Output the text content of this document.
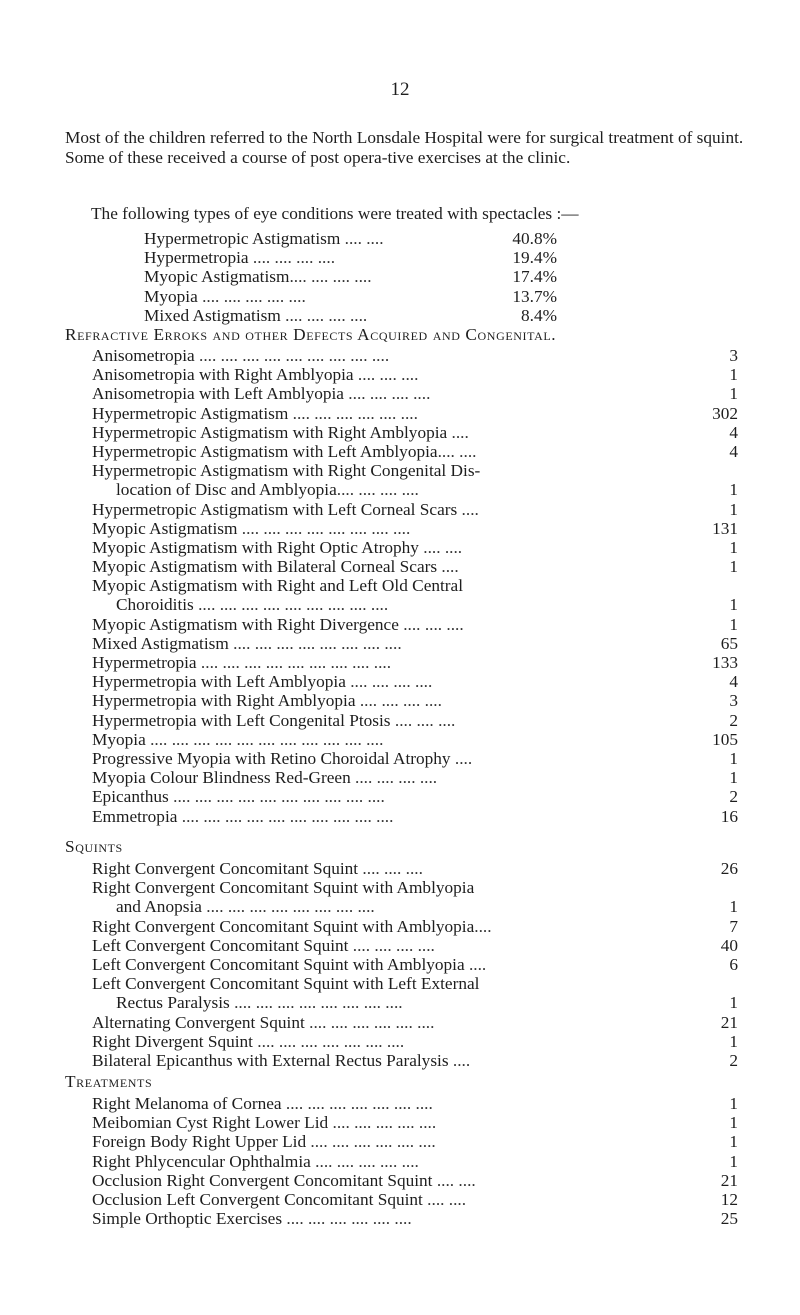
12
Most of the children referred to the North Lonsdale Hospital were for surgical treatment of squint. Some of these received a course of post opera-tive exercises at the clinic.
The following types of eye conditions were treated with spectacles :—
Hypermetropic Astigmatism .... ....	40.8%
Hypermetropia .... .... .... ....	19.4%
Myopic Astigmatism.... .... .... ....	17.4%
Myopia .... .... .... .... ....	13.7%
Mixed Astigmatism .... .... .... ....	8.4%
Refractive Erroks and other Defects Acquired and Congenital.
Anisometropia .... .... .... .... .... .... .... .... ....	3
Anisometropia with Right Amblyopia .... .... ....	1
Anisometropia with Left Amblyopia .... .... .... ....	1
Hypermetropic Astigmatism .... .... .... .... .... ....	302
Hypermetropic Astigmatism with Right Amblyopia ....	4
Hypermetropic Astigmatism with Left Amblyopia.... ....	4
Hypermetropic Astigmatism with Right Congenital Dis-
location of Disc and Amblyopia.... .... .... ....	1
Hypermetropic Astigmatism with Left Corneal Scars ....	1
Myopic Astigmatism .... .... .... .... .... .... .... ....	131
Myopic Astigmatism with Right Optic Atrophy .... ....	1
Myopic Astigmatism with Bilateral Corneal Scars ....	1
Myopic Astigmatism with Right and Left Old Central
Choroiditis .... .... .... .... .... .... .... .... ....	1
Myopic Astigmatism with Right Divergence .... .... ....	1
Mixed Astigmatism .... .... .... .... .... .... .... ....	65
Hypermetropia .... .... .... .... .... .... .... .... ....	133
Hypermetropia with Left Amblyopia .... .... .... ....	4
Hypermetropia with Right Amblyopia .... .... .... ....	3
Hypermetropia with Left Congenital Ptosis .... .... ....	2
Myopia .... .... .... .... .... .... .... .... .... .... ....	105
Progressive Myopia with Retino Choroidal Atrophy ....	1
Myopia Colour Blindness Red-Green .... .... .... ....	1
Epicanthus .... .... .... .... .... .... .... .... .... ....	2
Emmetropia .... .... .... .... .... .... .... .... .... ....	16
Squints
Right Convergent Concomitant Squint .... .... ....	26
Right Convergent Concomitant Squint with Amblyopia
and Anopsia .... .... .... .... .... .... .... ....	1
Right Convergent Concomitant Squint with Amblyopia....	7
Left Convergent Concomitant Squint .... .... .... ....	40
Left Convergent Concomitant Squint with Amblyopia ....	6
Left Convergent Concomitant Squint with Left External
Rectus Paralysis .... .... .... .... .... .... .... ....	1
Alternating Convergent Squint .... .... .... .... .... ....	21
Right Divergent Squint .... .... .... .... .... .... ....	1
Bilateral Epicanthus with External Rectus Paralysis ....	2
Treatments
Right Melanoma of Cornea .... .... .... .... .... .... ....	1
Meibomian Cyst Right Lower Lid .... .... .... .... ....	1
Foreign Body Right Upper Lid .... .... .... .... .... ....	1
Right Phlycencular Ophthalmia .... .... .... .... ....	1
Occlusion Right Convergent Concomitant Squint .... ....	21
Occlusion Left Convergent Concomitant Squint .... ....	12
Simple Orthoptic Exercises .... .... .... .... .... ....	25
